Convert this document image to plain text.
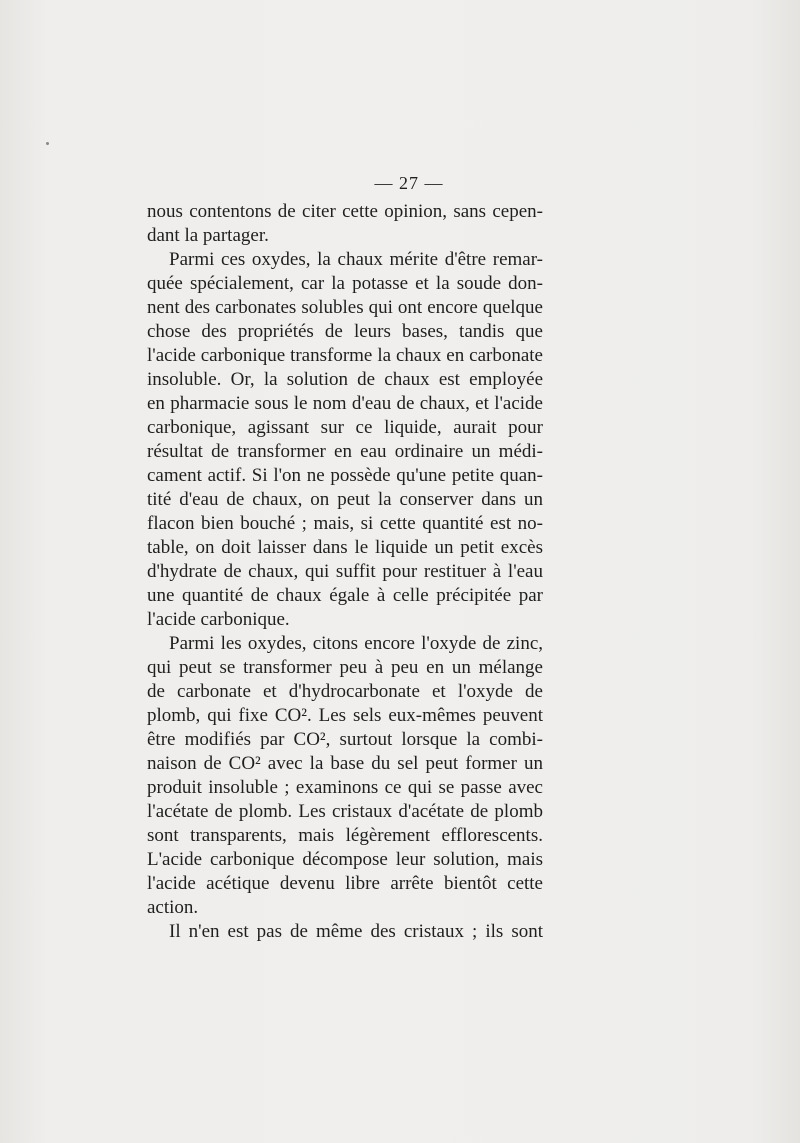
— 27 —
nous contentons de citer cette opinion, sans cepen-
dant la partager.
Parmi ces oxydes, la chaux mérite d'être remar-
quée spécialement, car la potasse et la soude don-
nent des carbonates solubles qui ont encore quelque
chose des propriétés de leurs bases, tandis que
l'acide carbonique transforme la chaux en carbonate
insoluble. Or, la solution de chaux est employée
en pharmacie sous le nom d'eau de chaux, et l'acide
carbonique, agissant sur ce liquide, aurait pour
résultat de transformer en eau ordinaire un médi-
cament actif. Si l'on ne possède qu'une petite quan-
tité d'eau de chaux, on peut la conserver dans un
flacon bien bouché ; mais, si cette quantité est no-
table, on doit laisser dans le liquide un petit excès
d'hydrate de chaux, qui suffit pour restituer à l'eau
une quantité de chaux égale à celle précipitée par
l'acide carbonique.
Parmi les oxydes, citons encore l'oxyde de zinc,
qui peut se transformer peu à peu en un mélange
de carbonate et d'hydrocarbonate et l'oxyde de
plomb, qui fixe CO². Les sels eux-mêmes peuvent
être modifiés par CO², surtout lorsque la combi-
naison de CO² avec la base du sel peut former un
produit insoluble ; examinons ce qui se passe avec
l'acétate de plomb. Les cristaux d'acétate de plomb
sont transparents, mais légèrement efflorescents.
L'acide carbonique décompose leur solution, mais
l'acide acétique devenu libre arrête bientôt cette
action.
Il n'en est pas de même des cristaux ; ils sont
